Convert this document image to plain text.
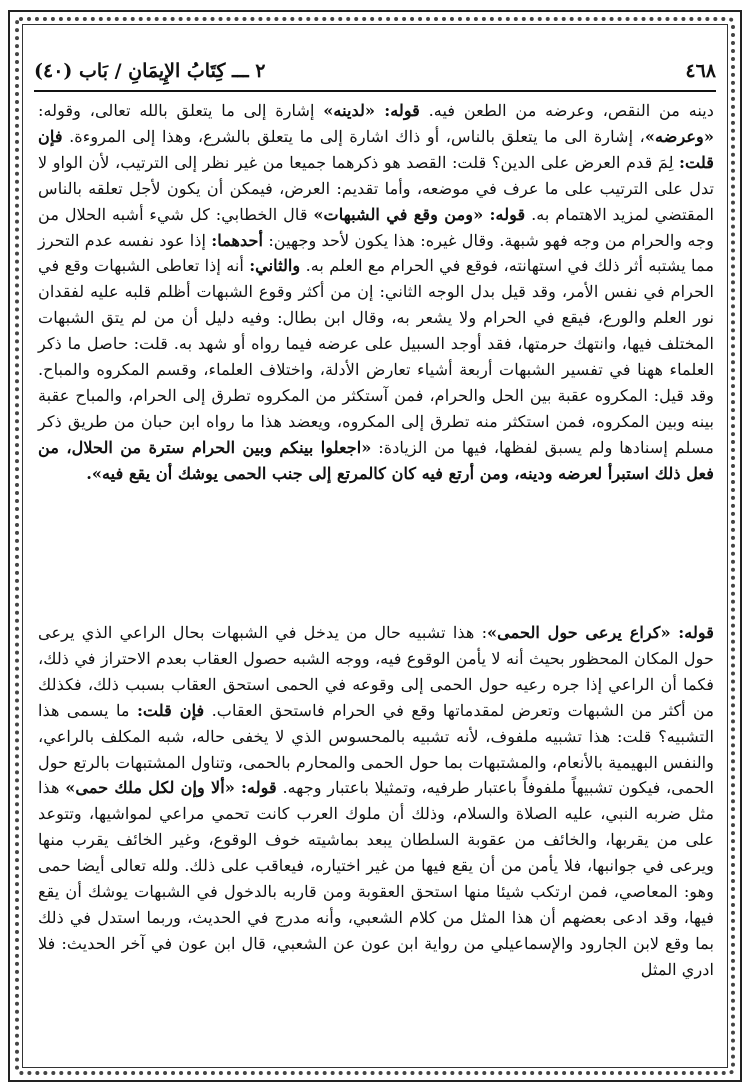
٤٦٨
٢ ـــ كِتَابُ الإِيمَانِ / بَاب (٤٠)
دينه من النقص، وعرضه من الطعن فيه. قوله: «لدينه» إشارة إلى ما يتعلق بالله تعالى، وقوله: «وعرضه»، إشارة الى ما يتعلق بالناس، أو ذاك اشارة إلى ما يتعلق بالشرع، وهذا إلى المروءة. فإن قلت: لِمَ قدم العرض على الدين؟ قلت: القصد هو ذكرهما جميعا من غير نظر إلى الترتيب، لأن الواو لا تدل على الترتيب على ما عرف في موضعه، وأما تقديم: العرض، فيمكن أن يكون لأجل تعلقه بالناس المقتضي لمزيد الاهتمام به. قوله: «ومن وقع في الشبهات» قال الخطابي: كل شيء أشبه الحلال من وجه والحرام من وجه فهو شبهة. وقال غيره: هذا يكون لأحد وجهين: أحدهما: إذا عود نفسه عدم التحرز مما يشتبه أثر ذلك في استهانته، فوقع في الحرام مع العلم به. والثاني: أنه إذا تعاطى الشبهات وقع في الحرام في نفس الأمر، وقد قيل بدل الوجه الثاني: إن من أكثر وقوع الشبهات أظلم قلبه عليه لفقدان نور العلم والورع، فيقع في الحرام ولا يشعر به، وقال ابن بطال: وفيه دليل أن من لم يتق الشبهات المختلف فيها، وانتهك حرمتها، فقد أوجد السبيل على عرضه فيما رواه أو شهد به. قلت: حاصل ما ذكر العلماء ههنا في تفسير الشبهات أربعة أشياء تعارض الأدلة، واختلاف العلماء، وقسم المكروه والمباح. وقد قيل: المكروه عقبة بين الحل والحرام، فمن آستكثر من المكروه تطرق إلى الحرام، والمباح عقبة بينه وبين المكروه، فمن استكثر منه تطرق إلى المكروه، ويعضد هذا ما رواه ابن حبان من طريق ذكر مسلم إسنادها ولم يسبق لفظها، فيها من الزيادة: «اجعلوا بينكم وبين الحرام سترة من الحلال، من فعل ذلك استبرأ لعرضه ودينه، ومن أرتع فيه كان كالمرتع إلى جنب الحمى يوشك أن يقع فيه».
قوله: «كراع يرعى حول الحمى»: هذا تشبيه حال من يدخل في الشبهات بحال الراعي الذي يرعى حول المكان المحظور بحيث أنه لا يأمن الوقوع فيه، ووجه الشبه حصول العقاب بعدم الاحتراز في ذلك، فكما أن الراعي إذا جره رعيه حول الحمى إلى وقوعه في الحمى استحق العقاب بسبب ذلك، فكذلك من أكثر من الشبهات وتعرض لمقدماتها وقع في الحرام فاستحق العقاب. فإن قلت: ما يسمى هذا التشبيه؟ قلت: هذا تشبيه ملفوف، لأنه تشبيه بالمحسوس الذي لا يخفى حاله، شبه المكلف بالراعي، والنفس البهيمية بالأنعام، والمشتبهات بما حول الحمى والمحارم بالحمى، وتناول المشتبهات بالرتع حول الحمى، فيكون تشبيهاً ملفوفاً باعتبار طرفيه، وتمثيلا باعتبار وجهه. قوله: «ألا وإن لكل ملك حمى» هذا مثل ضربه النبي، عليه الصلاة والسلام، وذلك أن ملوك العرب كانت تحمي مراعي لمواشيها، وتتوعد على من يقربها، والخائف من عقوبة السلطان يبعد بماشيته خوف الوقوع، وغير الخائف يقرب منها ويرعى في جوانبها، فلا يأمن من أن يقع فيها من غير اختياره، فيعاقب على ذلك. ولله تعالى أيضا حمى وهو: المعاصي، فمن ارتكب شيئا منها استحق العقوبة ومن قاربه بالدخول في الشبهات يوشك أن يقع فيها، وقد ادعى بعضهم أن هذا المثل من كلام الشعبي، وأنه مدرج في الحديث، وربما استدل في ذلك بما وقع لابن الجارود والإسماعيلي من رواية ابن عون عن الشعبي، قال ابن عون في آخر الحديث: فلا ادري المثل
